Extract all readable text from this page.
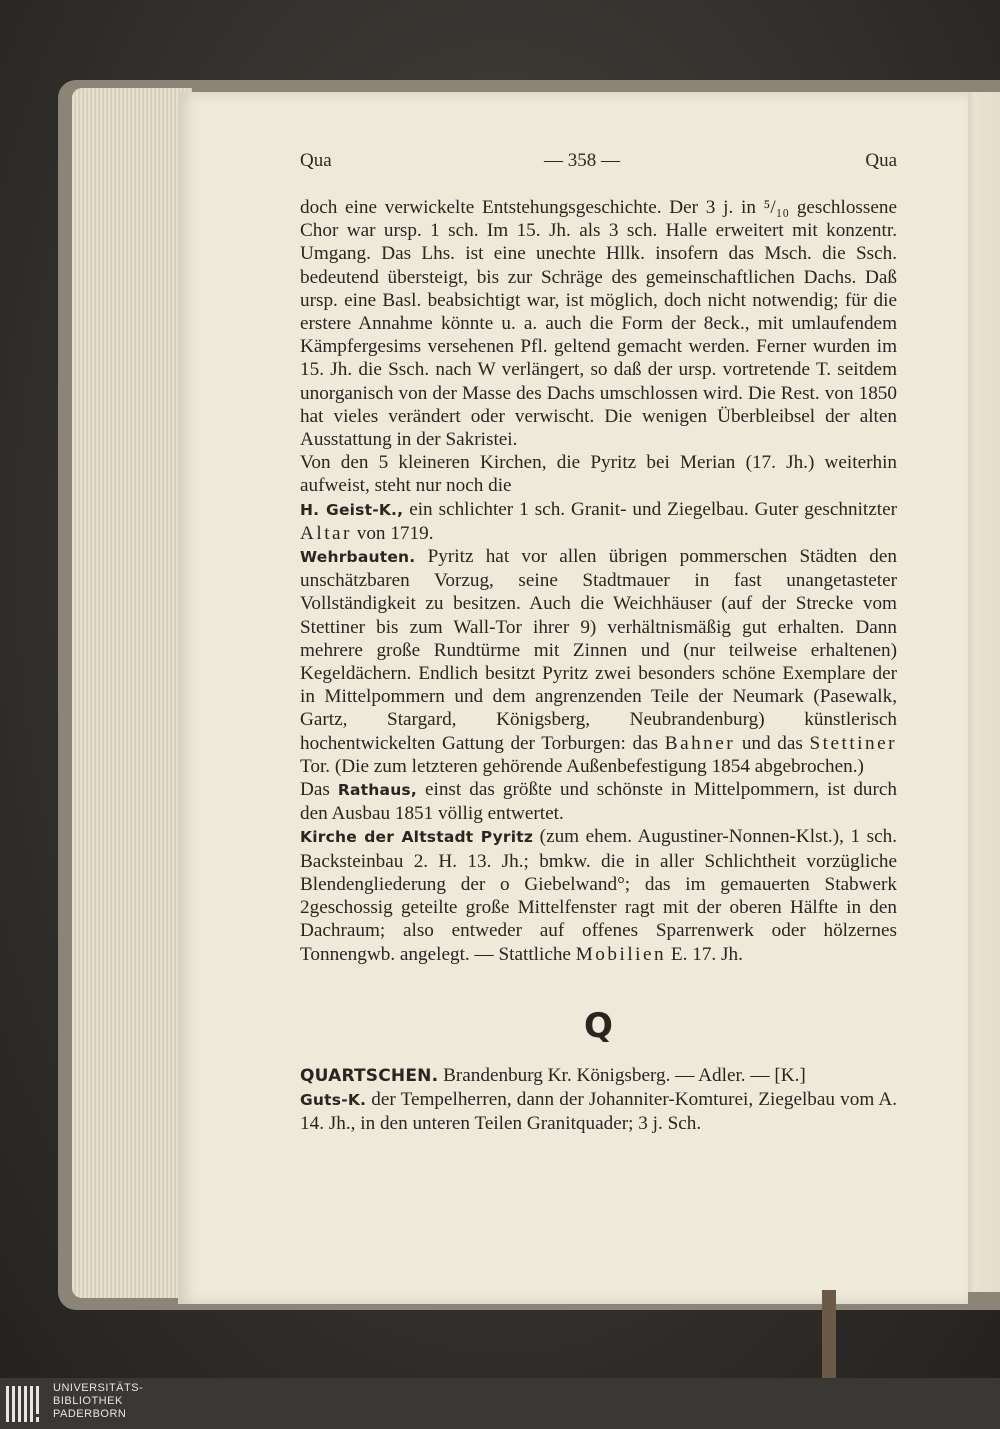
Qua	— 358 —	Qua

doch eine verwickelte Entstehungsgeschichte. Der 3 j. in ⁵/₁₀ geschlossene Chor war ursp. 1 sch. Im 15. Jh. als 3 sch. Halle erweitert mit konzentr. Umgang. Das Lhs. ist eine unechte Hllk. insofern das Msch. die Ssch. bedeutend übersteigt, bis zur Schräge des gemeinschaftlichen Dachs. Daß ursp. eine Basl. beabsichtigt war, ist möglich, doch nicht notwendig; für die erstere Annahme könnte u. a. auch die Form der 8eck., mit umlaufendem Kämpfergesims versehenen Pfl. geltend gemacht werden. Ferner wurden im 15. Jh. die Ssch. nach W verlängert, so daß der ursp. vortretende T. seitdem unorganisch von der Masse des Dachs umschlossen wird. Die Rest. von 1850 hat vieles verändert oder verwischt. Die wenigen Überbleibsel der alten Ausstattung in der Sakristei.

Von den 5 kleineren Kirchen, die Pyritz bei Merian (17. Jh.) weiterhin aufweist, steht nur noch die

H. Geist-K., ein schlichter 1 sch. Granit- und Ziegelbau. Guter geschnitzter Altar von 1719.

Wehrbauten. Pyritz hat vor allen übrigen pommerschen Städten den unschätzbaren Vorzug, seine Stadtmauer in fast unangetasteter Vollständigkeit zu besitzen. Auch die Weichhäuser (auf der Strecke vom Stettiner bis zum Wall-Tor ihrer 9) verhältnismäßig gut erhalten. Dann mehrere große Rundtürme mit Zinnen und (nur teilweise erhaltenen) Kegeldächern. Endlich besitzt Pyritz zwei besonders schöne Exemplare der in Mittelpommern und dem angrenzenden Teile der Neumark (Pasewalk, Gartz, Stargard, Königsberg, Neubrandenburg) künstlerisch hochentwickelten Gattung der Torburgen: das Bahner und das Stettiner Tor. (Die zum letzteren gehörende Außenbefestigung 1854 abgebrochen.)

Das Rathaus, einst das größte und schönste in Mittelpommern, ist durch den Ausbau 1851 völlig entwertet.

Kirche der Altstadt Pyritz (zum ehem. Augustiner-Nonnen-Klst.), 1 sch. Backsteinbau 2. H. 13. Jh.; bmkw. die in aller Schlichtheit vorzügliche Blendengliederung der o Giebelwand°; das im gemauerten Stabwerk 2geschossig geteilte große Mittelfenster ragt mit der oberen Hälfte in den Dachraum; also entweder auf offenes Sparrenwerk oder hölzernes Tonnengwb. angelegt. — Stattliche Mobilien E. 17. Jh.

Q

QUARTSCHEN. Brandenburg Kr. Königsberg. — Adler. — [K.]

Guts-K. der Tempelherren, dann der Johanniter-Komturei, Ziegelbau vom A. 14. Jh., in den unteren Teilen Granitquader; 3 j. Sch.

UNIVERSITÄTS-
BIBLIOTHEK
PADERBORN
